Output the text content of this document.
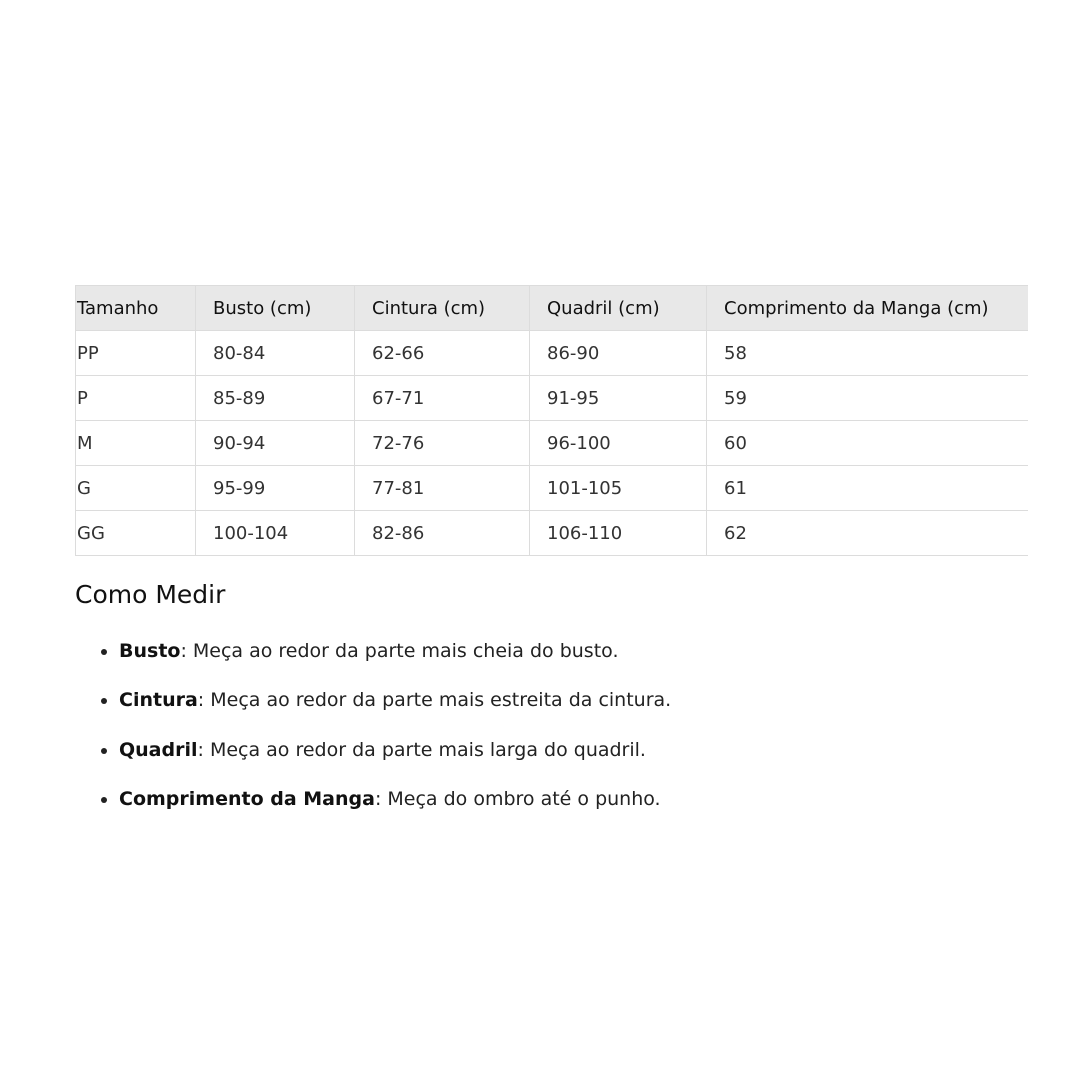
Tamanho	Busto (cm)	Cintura (cm)	Quadril (cm)	Comprimento da Manga (cm)
PP	80-84	62-66	86-90	58
P	85-89	67-71	91-95	59
M	90-94	72-76	96-100	60
G	95-99	77-81	101-105	61
GG	100-104	82-86	106-110	62
Como Medir
• Busto: Meça ao redor da parte mais cheia do busto.
• Cintura: Meça ao redor da parte mais estreita da cintura.
• Quadril: Meça ao redor da parte mais larga do quadril.
• Comprimento da Manga: Meça do ombro até o punho.
